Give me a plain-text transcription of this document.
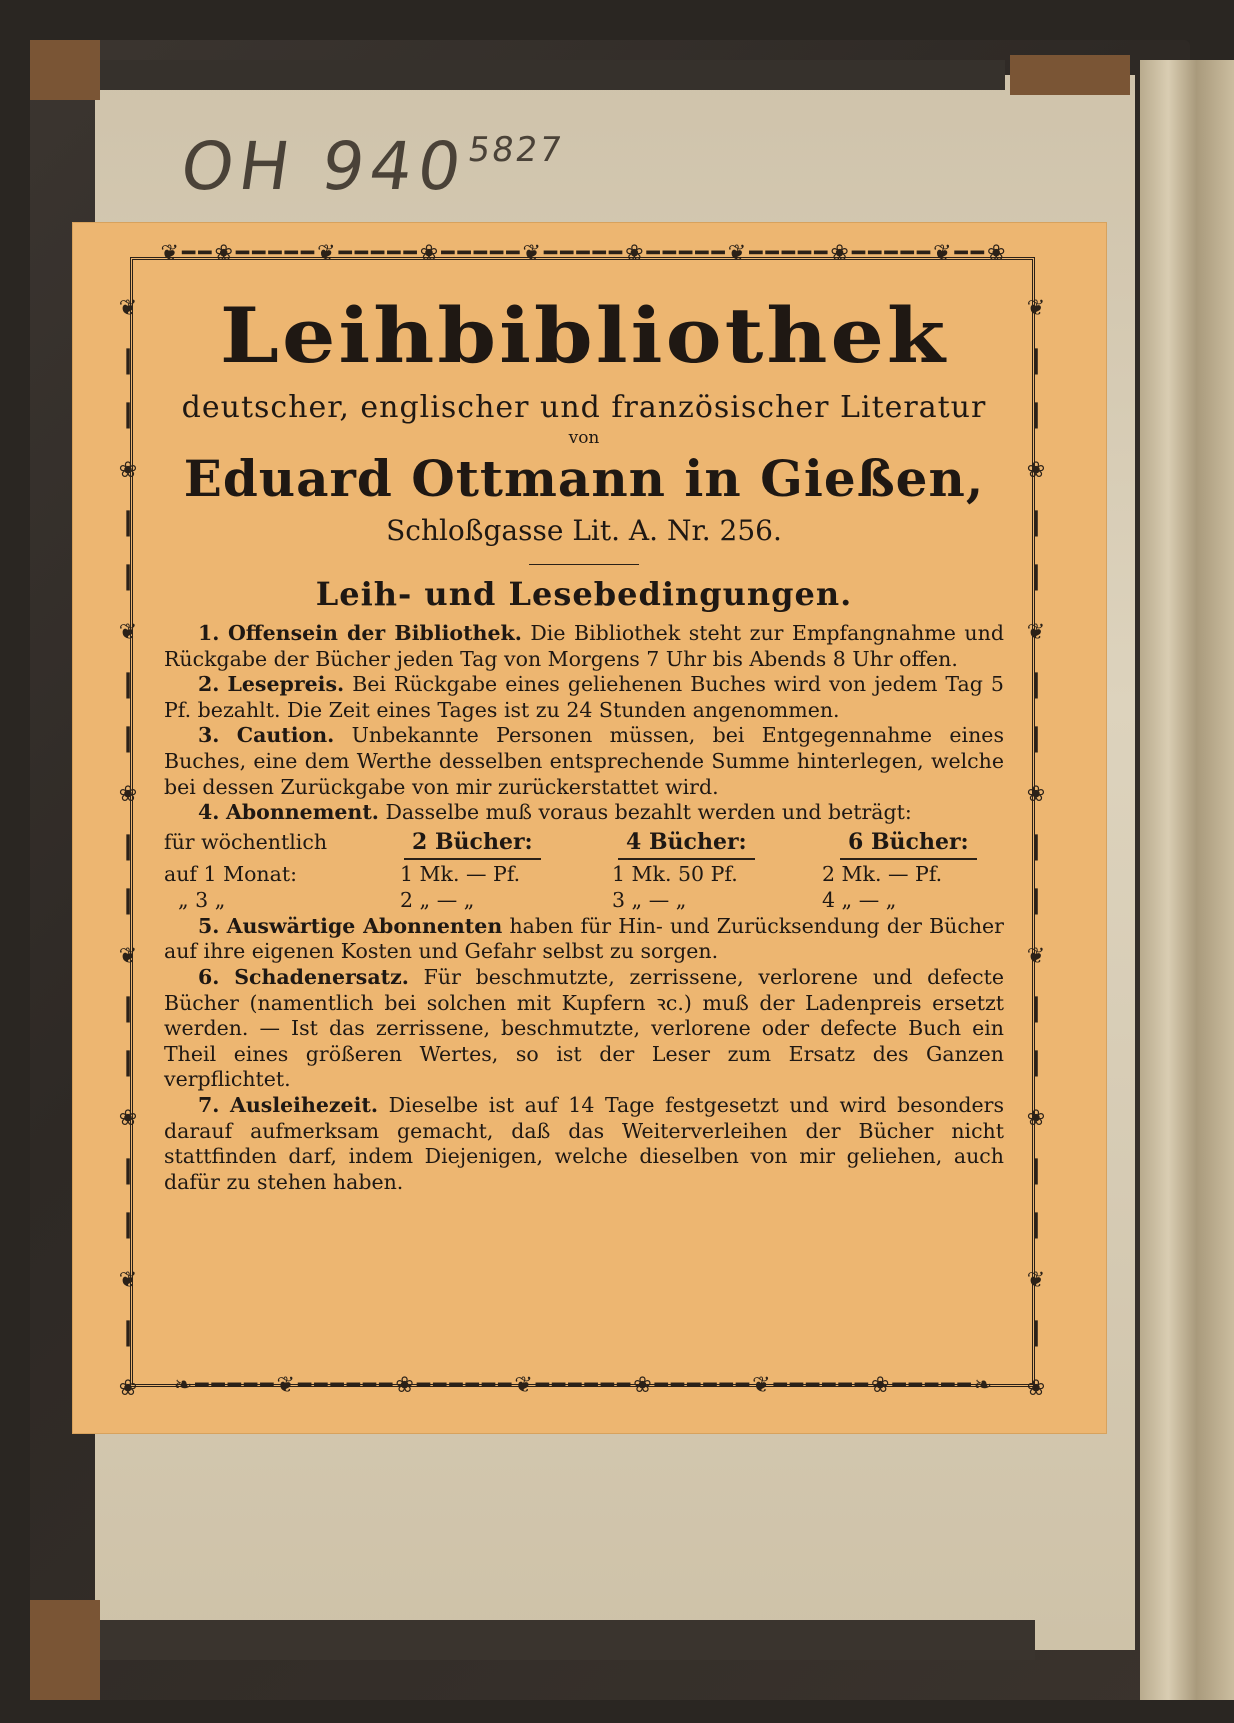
OH $940^{5827}$
❦━━❀━━━━━❦━━━━━❀━━━━━❦━━━━━❀━━━━━❦━━━━━❀━━━━━❦━━❀
❧━━━━━❦━━━━━━❀━━━━━━❦━━━━━━❀━━━━━━❦━━━━━━❀━━━━━❧
❦
┃
┃
❀
┃
┃
❦
┃
┃
❀
┃
┃
❦
┃
┃
❀
┃
┃
❦
┃
❀
❦
┃
┃
❀
┃
┃
❦
┃
┃
❀
┃
┃
❦
┃
┃
❀
┃
┃
❦
┃
❀
Leihbibliothek
deutscher, englischer und französischer Literatur
von
Eduard Ottmann in Gießen,
Schloßgasse Lit. A. Nr. 256.
Leih- und Lesebedingungen.

1. Offensein der Bibliothek. Die Bibliothek steht zur Empfangnahme und Rückgabe der Bücher jeden Tag von Morgens 7 Uhr bis Abends 8 Uhr offen.

2. Lesepreis. Bei Rückgabe eines geliehenen Buches wird von jedem Tag 5 Pf. bezahlt. Die Zeit eines Tages ist zu 24 Stunden angenommen.

3. Caution. Unbekannte Personen müssen, bei Entgegennahme eines Buches, eine dem Werthe desselben entsprechende Summe hinterlegen, welche bei dessen Zurückgabe von mir zurückerstattet wird.

4. Abonnement. Dasselbe muß voraus bezahlt werden und beträgt:

für wöchentlich	2 Bücher:	4 Bücher:	6 Bücher:
auf 1 Monat:	1 Mk. — Pf.	1 Mk. 50 Pf.	2 Mk. — Pf.
„ 3 „	2 „ — „	3 „ — „	4 „ — „

5. Auswärtige Abonnenten haben für Hin- und Zurücksendung der Bücher auf ihre eigenen Kosten und Gefahr selbst zu sorgen.

6. Schadenersatz. Für beschmutzte, zerrissene, verlorene und defecte Bücher (namentlich bei solchen mit Kupfern ꝛc.) muß der Ladenpreis ersetzt werden. — Ist das zerrissene, beschmutzte, verlorene oder defecte Buch ein Theil eines größeren Wertes, so ist der Leser zum Ersatz des Ganzen verpflichtet.

7. Ausleihezeit. Dieselbe ist auf 14 Tage festgesetzt und wird besonders darauf aufmerksam gemacht, daß das Weiterverleihen der Bücher nicht stattfinden darf, indem Diejenigen, welche dieselben von mir geliehen, auch dafür zu stehen haben.
